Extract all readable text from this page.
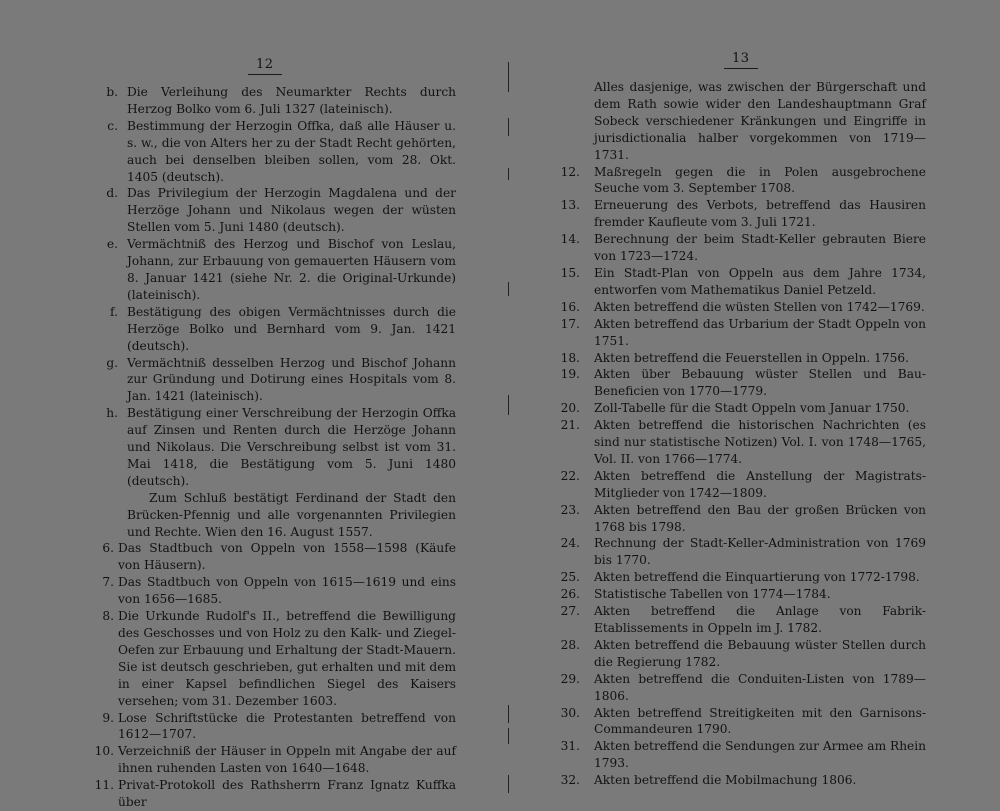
12
b. Die Verleihung des Neumarkter Rechts durch Herzog Bolko vom 6. Juli 1327 (lateinisch).
c. Bestimmung der Herzogin Offka, daß alle Häuser u. s. w., die von Alters her zu der Stadt Recht gehörten, auch bei denselben bleiben sollen, vom 28. Okt. 1405 (deutsch).
d. Das Privilegium der Herzogin Magdalena und der Herzöge Johann und Nikolaus wegen der wüsten Stellen vom 5. Juni 1480 (deutsch).
e. Vermächtniß des Herzog und Bischof von Leslau, Johann, zur Erbauung von gemauerten Häusern vom 8. Januar 1421 (siehe Nr. 2. die Original-Urkunde) (lateinisch).
f. Bestätigung des obigen Vermächtnisses durch die Herzöge Bolko und Bernhard vom 9. Jan. 1421 (deutsch).
g. Vermächtniß desselben Herzog und Bischof Johann zur Gründung und Dotirung eines Hospitals vom 8. Jan. 1421 (lateinisch).
h. Bestätigung einer Verschreibung der Herzogin Offka auf Zinsen und Renten durch die Herzöge Johann und Nikolaus. Die Verschreibung selbst ist vom 31. Mai 1418, die Bestätigung vom 5. Juni 1480 (deutsch).
Zum Schluß bestätigt Ferdinand der Stadt den Brücken-Pfennig und alle vorgenannten Privilegien und Rechte. Wien den 16. August 1557.
6. Das Stadtbuch von Oppeln von 1558—1598 (Käufe von Häusern).
7. Das Stadtbuch von Oppeln von 1615—1619 und eins von 1656—1685.
8. Die Urkunde Rudolf's II., betreffend die Bewilligung des Geschosses und von Holz zu den Kalk- und Ziegel-Oefen zur Erbauung und Erhaltung der Stadt-Mauern. Sie ist deutsch geschrieben, gut erhalten und mit dem in einer Kapsel befindlichen Siegel des Kaisers versehen; vom 31. Dezember 1603.
9. Lose Schriftstücke die Protestanten betreffend von 1612—1707.
10. Verzeichniß der Häuser in Oppeln mit Angabe der auf ihnen ruhenden Lasten von 1640—1648.
11. Privat-Protokoll des Rathsherrn Franz Ignatz Kuffka über
13
Alles dasjenige, was zwischen der Bürgerschaft und dem Rath sowie wider den Landeshauptmann Graf Sobeck verschiedener Kränkungen und Eingriffe in jurisdictionalia halber vorgekommen von 1719—1731.
12. Maßregeln gegen die in Polen ausgebrochene Seuche vom 3. September 1708.
13. Erneuerung des Verbots, betreffend das Hausiren fremder Kaufleute vom 3. Juli 1721.
14. Berechnung der beim Stadt-Keller gebrauten Biere von 1723—1724.
15. Ein Stadt-Plan von Oppeln aus dem Jahre 1734, entworfen vom Mathematikus Daniel Petzeld.
16. Akten betreffend die wüsten Stellen von 1742—1769.
17. Akten betreffend das Urbarium der Stadt Oppeln von 1751.
18. Akten betreffend die Feuerstellen in Oppeln. 1756.
19. Akten über Bebauung wüster Stellen und Bau-Beneficien von 1770—1779.
20. Zoll-Tabelle für die Stadt Oppeln vom Januar 1750.
21. Akten betreffend die historischen Nachrichten (es sind nur statistische Notizen) Vol. I. von 1748—1765, Vol. II. von 1766—1774.
22. Akten betreffend die Anstellung der Magistrats-Mitglieder von 1742—1809.
23. Akten betreffend den Bau der großen Brücken von 1768 bis 1798.
24. Rechnung der Stadt-Keller-Administration von 1769 bis 1770.
25. Akten betreffend die Einquartierung von 1772-1798.
26. Statistische Tabellen von 1774—1784.
27. Akten betreffend die Anlage von Fabrik-Etablissements in Oppeln im J. 1782.
28. Akten betreffend die Bebauung wüster Stellen durch die Regierung 1782.
29. Akten betreffend die Conduiten-Listen von 1789—1806.
30. Akten betreffend Streitigkeiten mit den Garnisons-Commandeuren 1790.
31. Akten betreffend die Sendungen zur Armee am Rhein 1793.
32. Akten betreffend die Mobilmachung 1806.
